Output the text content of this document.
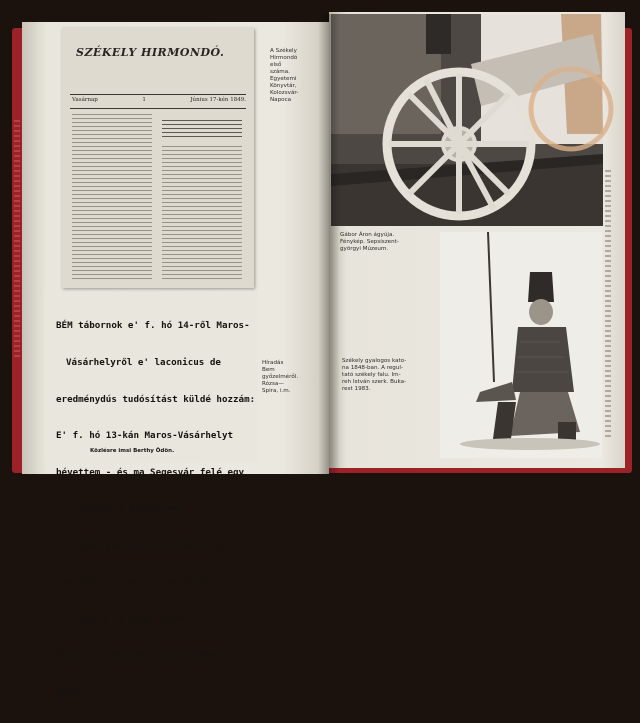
SZÉKELY HIRMONDÓ.
Vasárnap	1	Június 17-kén 1849.
A Székely
Hirmondó
első
száma.
Egyetemi
Könyvtár,
Kolozsvár-
Napoca

BÉM tábornok e' f. hó 14-ről Maros-

Vásárhelyről e' laconicus de

eredménydús tudósítást küldé hozzám:

E' f. hó 13-kán Maros-Vásárhelyt

bévettem - és ma Segesvár felé egy

csapatot küldöttem.

A' Székelyek minden oldalról se-

reglenek hozzám - Győzelmünk

gyors és nagy leend.

Éljen a' Táborok! éljen Hadser-

günk!

Közlésre imsi Berthy Ödön.
Híradás
Bem
győzelméről.
Rózsa—
Spira, i.m.
Gábor Áron ágyúja.
Fénykép. Sepsiszent-
györgyi Múzeum.
Székely gyalogos kato-
na 1848-ban. A regul-
tató székely falu. Im-
reh István szerk. Buka-
rest 1983.
